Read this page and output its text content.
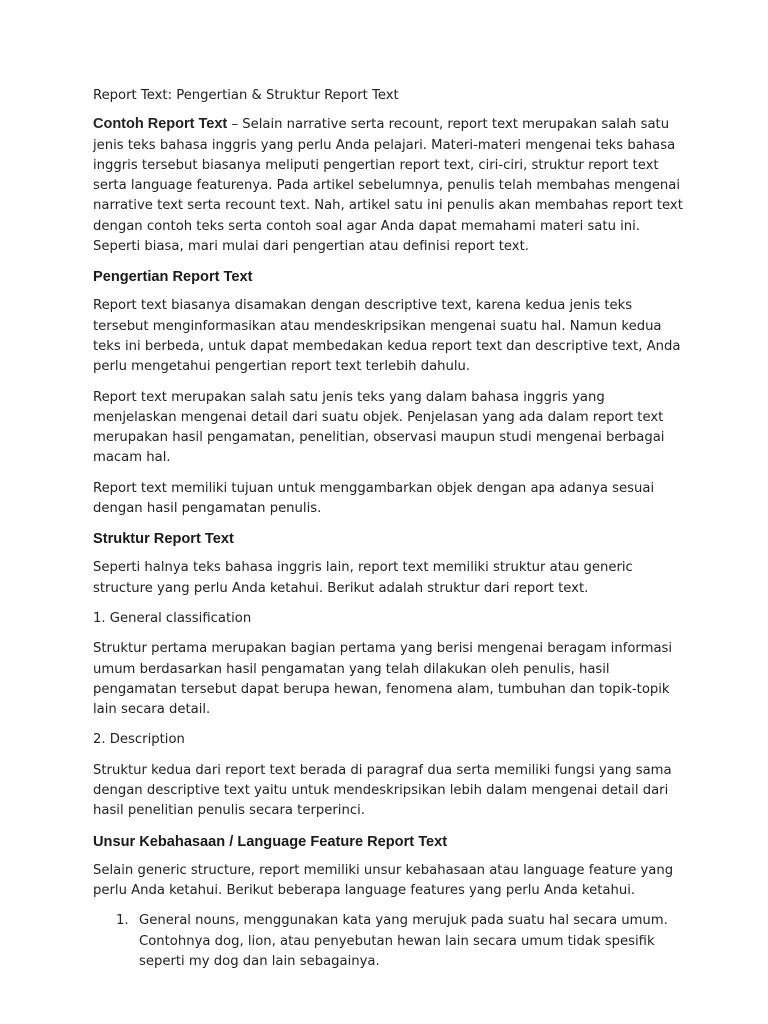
Report Text: Pengertian & Struktur Report Text

Contoh Report Text – Selain narrative serta recount, report text merupakan salah satu jenis teks bahasa inggris yang perlu Anda pelajari. Materi-materi mengenai teks bahasa inggris tersebut biasanya meliputi pengertian report text, ciri-ciri, struktur report text serta language featurenya. Pada artikel sebelumnya, penulis telah membahas mengenai narrative text serta recount text. Nah, artikel satu ini penulis akan membahas report text dengan contoh teks serta contoh soal agar Anda dapat memahami materi satu ini. Seperti biasa, mari mulai dari pengertian atau definisi report text.

Pengertian Report Text

Report text biasanya disamakan dengan descriptive text, karena kedua jenis teks tersebut menginformasikan atau mendeskripsikan mengenai suatu hal. Namun kedua teks ini berbeda, untuk dapat membedakan kedua report text dan descriptive text, Anda perlu mengetahui pengertian report text terlebih dahulu.

Report text merupakan salah satu jenis teks yang dalam bahasa inggris yang menjelaskan mengenai detail dari suatu objek. Penjelasan yang ada dalam report text merupakan hasil pengamatan, penelitian, observasi maupun studi mengenai berbagai macam hal.

Report text memiliki tujuan untuk menggambarkan objek dengan apa adanya sesuai dengan hasil pengamatan penulis.

Struktur Report Text

Seperti halnya teks bahasa inggris lain, report text memiliki struktur atau generic structure yang perlu Anda ketahui. Berikut adalah struktur dari report text.

1. General classification

Struktur pertama merupakan bagian pertama yang berisi mengenai beragam informasi umum berdasarkan hasil pengamatan yang telah dilakukan oleh penulis, hasil pengamatan tersebut dapat berupa hewan, fenomena alam, tumbuhan dan topik-topik lain secara detail.

2. Description

Struktur kedua dari report text berada di paragraf dua serta memiliki fungsi yang sama dengan descriptive text yaitu untuk mendeskripsikan lebih dalam mengenai detail dari hasil penelitian penulis secara terperinci.

Unsur Kebahasaan / Language Feature Report Text

Selain generic structure, report memiliki unsur kebahasaan atau language feature yang perlu Anda ketahui. Berikut beberapa language features yang perlu Anda ketahui.

1. General nouns, menggunakan kata yang merujuk pada suatu hal secara umum. Contohnya dog, lion, atau penyebutan hewan lain secara umum tidak spesifik seperti my dog dan lain sebagainya.
